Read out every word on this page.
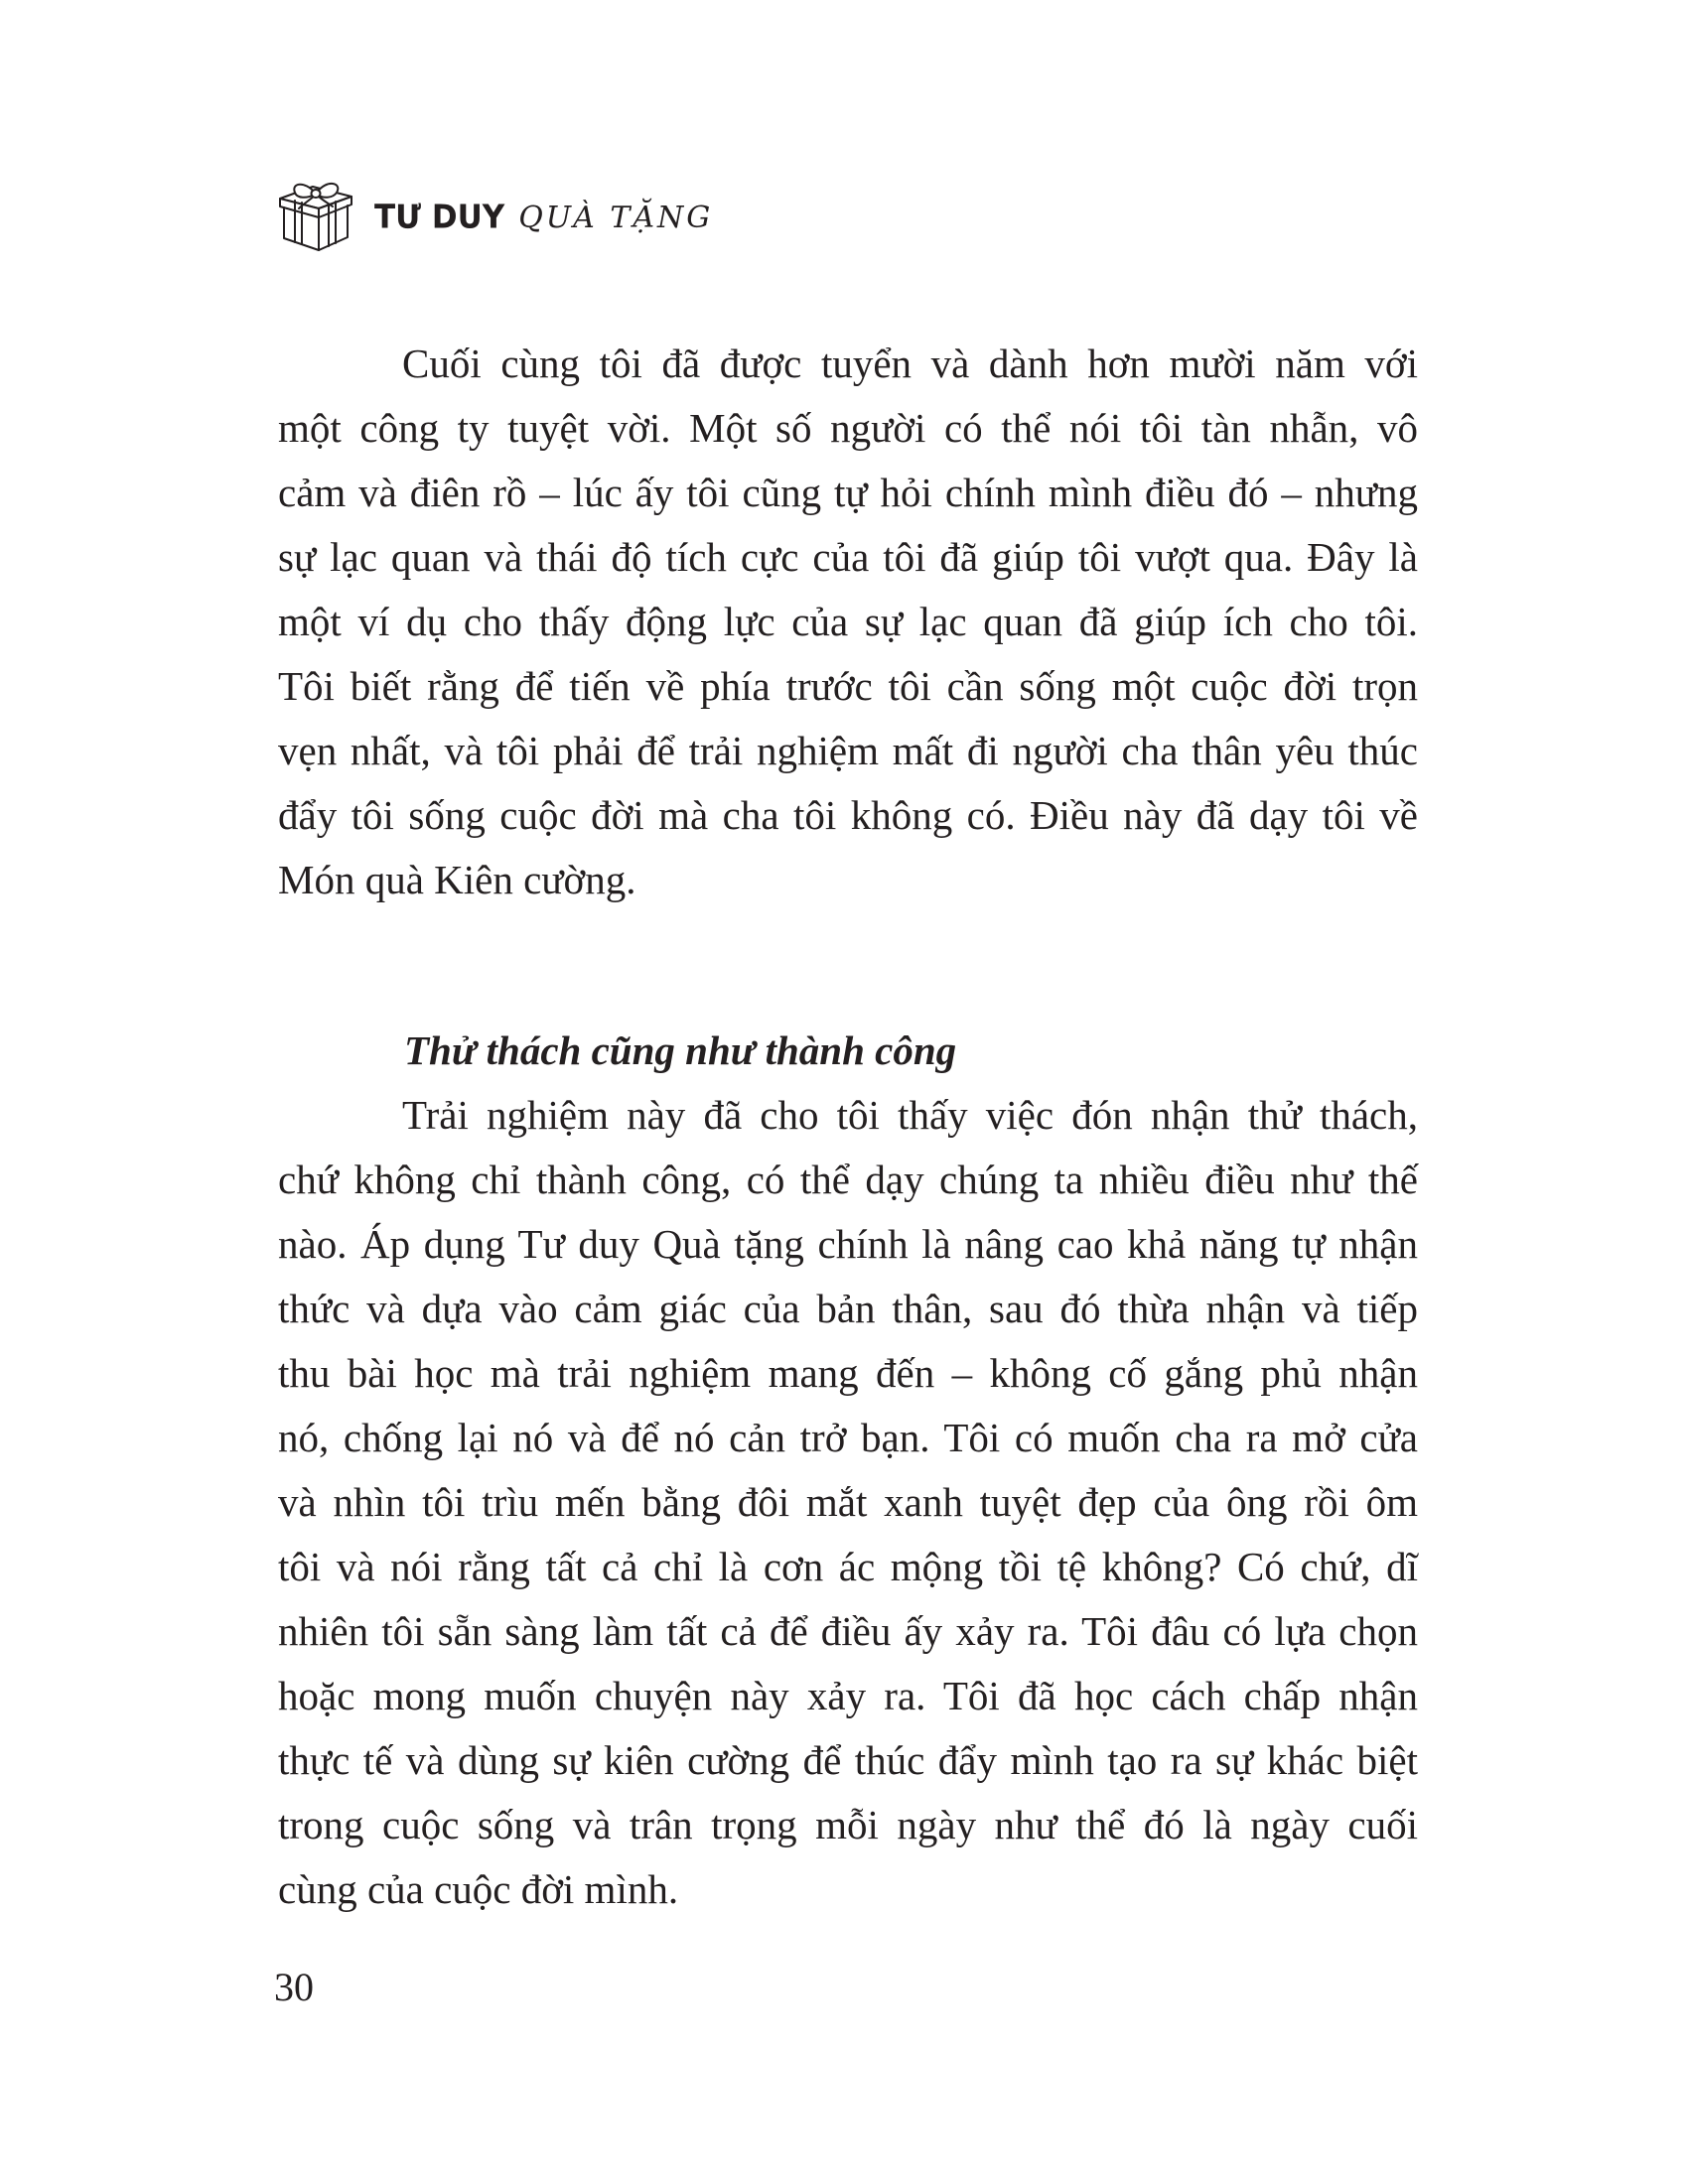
TƯ DUY QUÀ TẶNG
Cuối cùng tôi đã được tuyển và dành hơn mười năm với
một công ty tuyệt vời. Một số người có thể nói tôi tàn nhẫn, vô
cảm và điên rồ – lúc ấy tôi cũng tự hỏi chính mình điều đó – nhưng
sự lạc quan và thái độ tích cực của tôi đã giúp tôi vượt qua. Đây là
một ví dụ cho thấy động lực của sự lạc quan đã giúp ích cho tôi.
Tôi biết rằng để tiến về phía trước tôi cần sống một cuộc đời trọn
vẹn nhất, và tôi phải để trải nghiệm mất đi người cha thân yêu thúc
đẩy tôi sống cuộc đời mà cha tôi không có. Điều này đã dạy tôi về
Món quà Kiên cường.
Thử thách cũng như thành công
Trải nghiệm này đã cho tôi thấy việc đón nhận thử thách,
chứ không chỉ thành công, có thể dạy chúng ta nhiều điều như thế
nào. Áp dụng Tư duy Quà tặng chính là nâng cao khả năng tự nhận
thức và dựa vào cảm giác của bản thân, sau đó thừa nhận và tiếp
thu bài học mà trải nghiệm mang đến – không cố gắng phủ nhận
nó, chống lại nó và để nó cản trở bạn. Tôi có muốn cha ra mở cửa
và nhìn tôi trìu mến bằng đôi mắt xanh tuyệt đẹp của ông rồi ôm
tôi và nói rằng tất cả chỉ là cơn ác mộng tồi tệ không? Có chứ, dĩ
nhiên tôi sẵn sàng làm tất cả để điều ấy xảy ra. Tôi đâu có lựa chọn
hoặc mong muốn chuyện này xảy ra. Tôi đã học cách chấp nhận
thực tế và dùng sự kiên cường để thúc đẩy mình tạo ra sự khác biệt
trong cuộc sống và trân trọng mỗi ngày như thể đó là ngày cuối
cùng của cuộc đời mình.
30
